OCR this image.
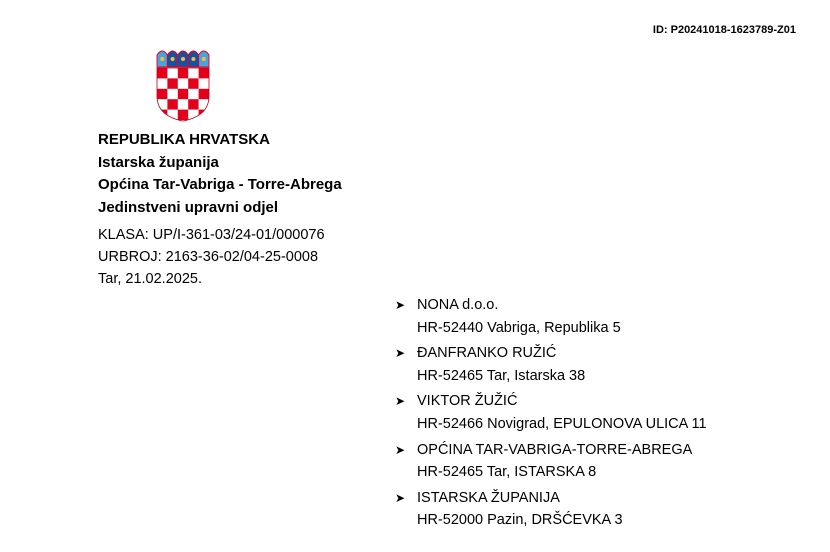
ID: P20241018-1623789-Z01
REPUBLIKA HRVATSKA
Istarska županija
Općina Tar-Vabriga - Torre-Abrega
Jedinstveni upravni odjel
KLASA: UP/I-361-03/24-01/000076
URBROJ: 2163-36-02/04-25-0008
Tar, 21.02.2025.
➤ NONA d.o.o.
HR-52440 Vabriga, Republika 5
➤ ĐANFRANKO RUŽIĆ
HR-52465 Tar, Istarska 38
➤ VIKTOR ŽUŽIĆ
HR-52466 Novigrad, EPULONOVA ULICA 11
➤ OPĆINA TAR-VABRIGA-TORRE-ABREGA
HR-52465 Tar, ISTARSKA 8
➤ ISTARSKA ŽUPANIJA
HR-52000 Pazin, DRŠĆEVKA 3
